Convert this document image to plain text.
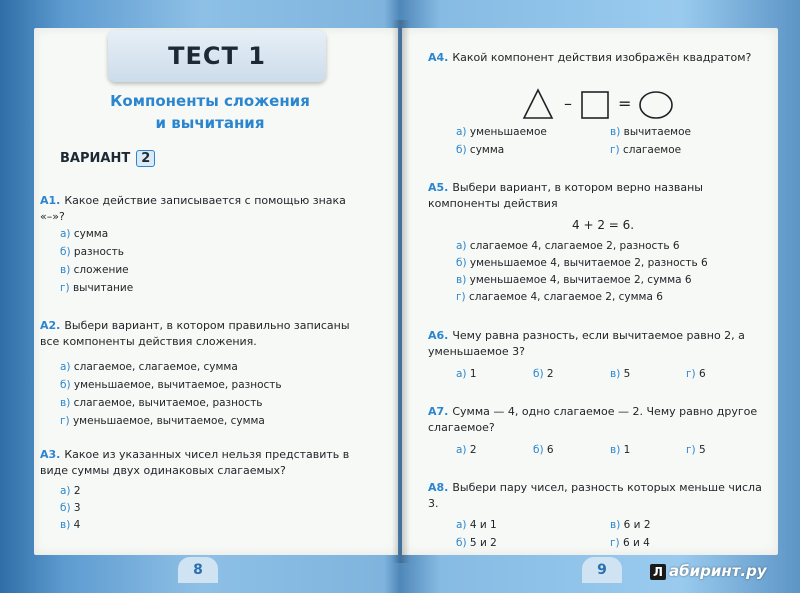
ТЕСТ 1
Компоненты сложения
и вычитания
ВАРИАНТ 2
A1. Какое действие записывается с помощью знака «–»?
а) сумма
б) разность
в) сложение
г) вычитание
A2. Выбери вариант, в котором правильно записаны все компоненты действия сложения.
а) слагаемое, слагаемое, сумма
б) уменьшаемое, вычитаемое, разность
в) слагаемое, вычитаемое, разность
г) уменьшаемое, вычитаемое, сумма
A3. Какое из указанных чисел нельзя представить в виде суммы двух одинаковых слагаемых?
а) 2
б) 3
в) 4
A4. Какой компонент действия изображён квадратом?
–	=
а) уменьшаемое	в) вычитаемое
б) сумма	г) слагаемое
A5. Выбери вариант, в котором верно названы компоненты действия
4 + 2 = 6.
а) слагаемое 4, слагаемое 2, разность 6
б) уменьшаемое 4, вычитаемое 2, разность 6
в) уменьшаемое 4, вычитаемое 2, сумма 6
г) слагаемое 4, слагаемое 2, сумма 6
A6. Чему равна разность, если вычитаемое равно 2, а уменьшаемое 3?
а) 1	б) 2	в) 5	г) 6
A7. Сумма — 4, одно слагаемое — 2. Чему равно другое слагаемое?
а) 2	б) 6	в) 1	г) 5
A8. Выбери пару чисел, разность которых меньше числа 3.
а) 4 и 1	в) 6 и 2
б) 5 и 2	г) 6 и 4
8	9	Л абиринт.ру
